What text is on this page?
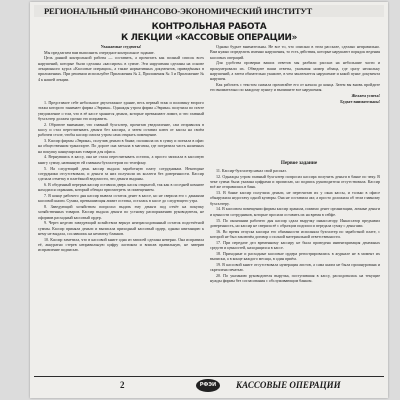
РЕГИОНАЛЬНЫЙ ФИНАНСОВО-ЭКОНОМИЧЕСКИЙ ИНСТИТУТ
КОНТРОЛЬНАЯ РАБОТА
К ЛЕКЦИИ «КАССОВЫЕ ОПЕРАЦИИ»

Уважаемые студенты!

Мы предлагаем вам выполнить очередное контрольное задание.

Цель данной контрольной работы — составить, а прочитать как полный список всех нарушений, которые были сделаны «кассиром» в сумме. Эти нарушения сделаны на основе лекционного курса «Кассовые операции», а также нормативных документов, приведённых в приложениях. При решении используйте Приложения № 2, Приложения № 3 и Приложение № 4 к нашей лекции.

Однако будьте внимательны. Не все то, что описано в этом рассказе, сделано неправильно. Вам нужно определить именно нарушения, то есть действия, которые нарушают порядок ведения кассовых операций.

Для удобства проверки ваших ответов мы разбили рассказ на небольшие части и пронумеровали их. Обведите ваши ответы, указывая номер абзаца, где сразу нескольку нарушений, а затем обязательно укажите, в чем заключается нарушение и какой пункт документа нарушен.

Как работать с текстом сначала прочитайте его от начала до конца. Затем вы вновь пройдите его внимательно по каждому пункту и выпишите все нарушения.

Желаем успеха!

Будьте внимательны!

Первое задание

1. Представьте себе небольшое двухэтажное здание, весь первый этаж и половину второго этажа которого занимает фирма «Эврика». Однажды утром фирма «Эврика» получила по почте уведомление о том, что в её кассе хранятся деньги, которые превышают лимит, и что главный бухгалтер должен срочно это исправить.

2. Обратите внимание, что главный бухгалтер, прочитав уведомление, сам отправился в кассу и стал пересчитывать деньги без кассира, а затем оставил ключ от кассы на своём рабочем столе, чтобы кассир смогла утром сама открыть помещение.

3. Кассир фирмы «Эврика», получив деньги в банке, положила их в сумку и поехала в офис на общественном транспорте. По дороге она заехала в магазин, где потратила часть наличных на покупку канцелярских товаров для офиса.

4. Вернувшись в кассу, она не стала пересчитывать остаток, а просто записала в кассовую книгу сумму, названную ей главным бухгалтером по телефону.

5. На следующий день кассир выдала заработную плату сотрудникам. Некоторые сотрудники отсутствовали, и деньги за них получили их коллеги без доверенности. Кассир сделала отметку в платёжной ведомости, что деньги выданы.

6. В обеденный перерыв кассир оставила дверь кассы открытой, так как в соседней комнате находился охранник, который обещал присмотреть за помещением.

7. В конце рабочего дня кассир вывела остаток денег в кассе, но не сверила его с данными кассовой книги. Сумма, превышающая лимит остатка, осталась в кассе до следующего утра.

8. Заведующий хозяйством попросил выдать ему деньги под отчёт на покупку хозяйственных товаров. Кассир выдала деньги по устному распоряжению руководителя, не оформив расходный кассовый ордер.

9. Через неделю заведующий хозяйством вернул неизрасходованный остаток подотчётной суммы. Кассир приняла деньги и выписала приходный кассовый ордер, однако квитанцию к нему не выдала, сославшись на нехватку бланков.

10. Кассир заметила, что в кассовой книге одна из записей сделана неверно. Она исправила её, аккуратно стерев неправильную цифру ластиком и вписав правильную, не заверив исправление подписью.

11. Кассир-бухгалтер начал свой рассказ.

12. Однажды утром главный бухгалтер попросил кассира получить деньги в банке по чеку. В чеке сумма была указана цифрами и прописью, но подпись руководителя отсутствовала. Кассир всё же отправилась в банк.

13. В банке кассир получила деньги, не пересчитав их у окна кассы, и только в офисе обнаружила недостачу одной купюры. Она не составила акт, а просто доложила об этом главному бухгалтеру.

14. В кассовом помещении фирмы кассир хранила, помимо денег организации, личные деньги и ценности сотрудников, которые просили оставить их на время в сейфе.

15. По окончании рабочего дня кассир сдала выручку инкассатору. Инкассатор предъявил доверенность, но кассир не сверила её с образцом подписи и передала сумку с деньгами.

16. Во время отпуска кассира его обязанности исполняла бухгалтер по заработной плате, с которой не был заключён договор о полной материальной ответственности.

17. При передаче дел временному кассиру не была проведена инвентаризация денежных средств и ценностей, находящихся в кассе.

18. Приходные и расходные кассовые ордера регистрировались в журнале не в момент их выписки, а в конце каждого месяца, в один приём.

19. В кассовой книге отсутствовала нумерация листов, а сама книга не была прошнурована и скреплена печатью.

20. По указанию руководителя выручка, поступившая в кассу, расходовалась на текущие нужды фирмы без согласования с обслуживающим банком.

2	РФЭИ	КАССОВЫЕ ОПЕРАЦИИ
